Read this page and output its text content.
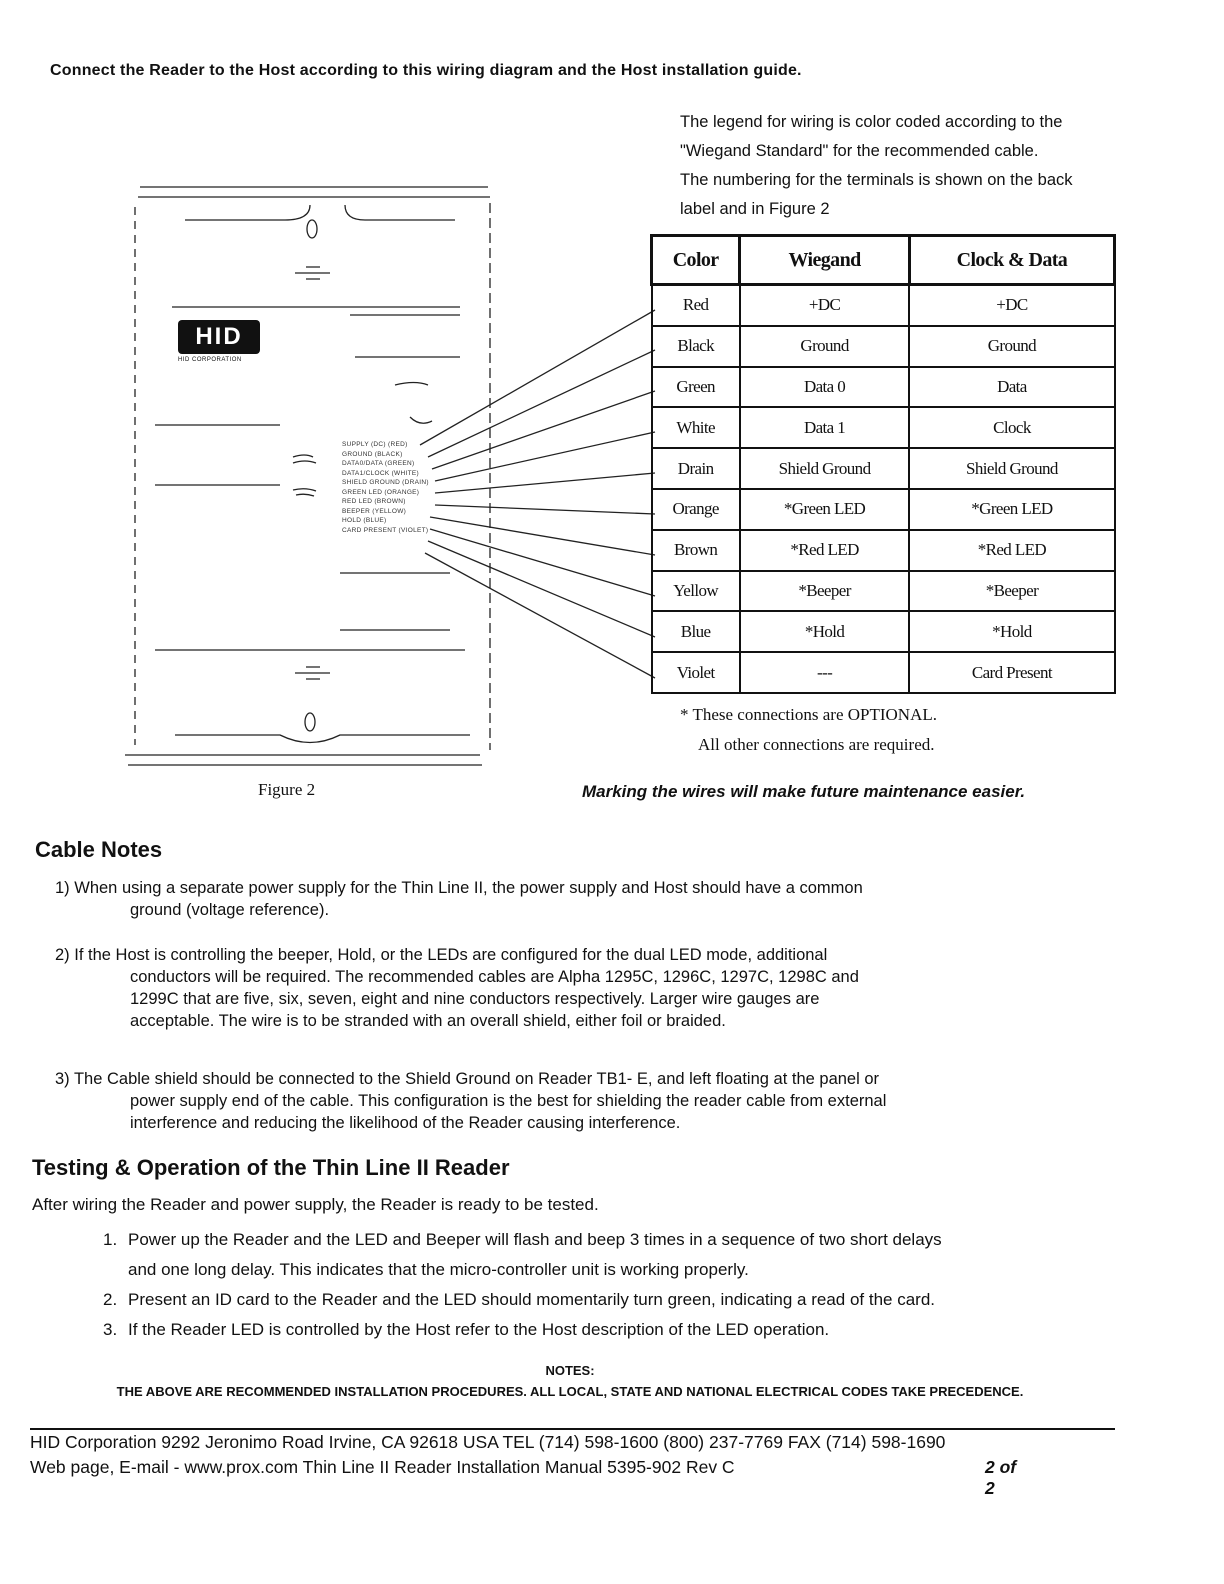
Connect the Reader to the Host according to this wiring diagram and the Host installation guide.

The legend for wiring is color coded according to the "Wiegand Standard" for the recommended cable.

The numbering for the terminals is shown on the back label and in Figure 2

HID
HID CORPORATION
SUPPLY (DC) (RED)
GROUND (BLACK)
DATA0/DATA (GREEN)
DATA1/CLOCK (WHITE)
SHIELD GROUND (DRAIN)
GREEN LED (ORANGE)
RED LED (BROWN)
BEEPER (YELLOW)
HOLD (BLUE)
CARD PRESENT (VIOLET)
Color	Wiegand	Clock & Data
Red	+DC	+DC
Black	Ground	Ground
Green	Data 0	Data
White	Data 1	Clock
Drain	Shield Ground	Shield Ground
Orange	*Green LED	*Green LED
Brown	*Red LED	*Red LED
Yellow	*Beeper	*Beeper
Blue	*Hold	*Hold
Violet	---	Card Present
* These connections are OPTIONAL.
All other connections are required.
Figure 2	Marking the wires will make future maintenance easier.
Cable Notes
1) When using a separate power supply for the Thin Line II, the power supply and Host should have a common
ground (voltage reference).
2) If the Host is controlling the beeper, Hold, or the LEDs are configured for the dual LED mode, additional
conductors will be required. The recommended cables are Alpha 1295C, 1296C, 1297C, 1298C and
1299C that are five, six, seven, eight and nine conductors respectively. Larger wire gauges are
acceptable. The wire is to be stranded with an overall shield, either foil or braided.
3) The Cable shield should be connected to the Shield Ground on Reader TB1- E, and left floating at the panel or
power supply end of the cable. This configuration is the best for shielding the reader cable from external
interference and reducing the likelihood of the Reader causing interference.
Testing & Operation of the Thin Line II Reader
After wiring the Reader and power supply, the Reader is ready to be tested.
1. Power up the Reader and the LED and Beeper will flash and beep 3 times in a sequence of two short delays
and one long delay. This indicates that the micro-controller unit is working properly.
2. Present an ID card to the Reader and the LED should momentarily turn green, indicating a read of the card.
3. If the Reader LED is controlled by the Host refer to the Host description of the LED operation.
NOTES:
THE ABOVE ARE RECOMMENDED INSTALLATION PROCEDURES. ALL LOCAL, STATE AND NATIONAL ELECTRICAL CODES TAKE PRECEDENCE.
HID Corporation 9292 Jeronimo Road Irvine, CA 92618 USA TEL (714) 598-1600 (800) 237-7769 FAX (714) 598-1690
Web page, E-mail - www.prox.com Thin Line II Reader Installation Manual 5395-902 Rev C	2 of 2
